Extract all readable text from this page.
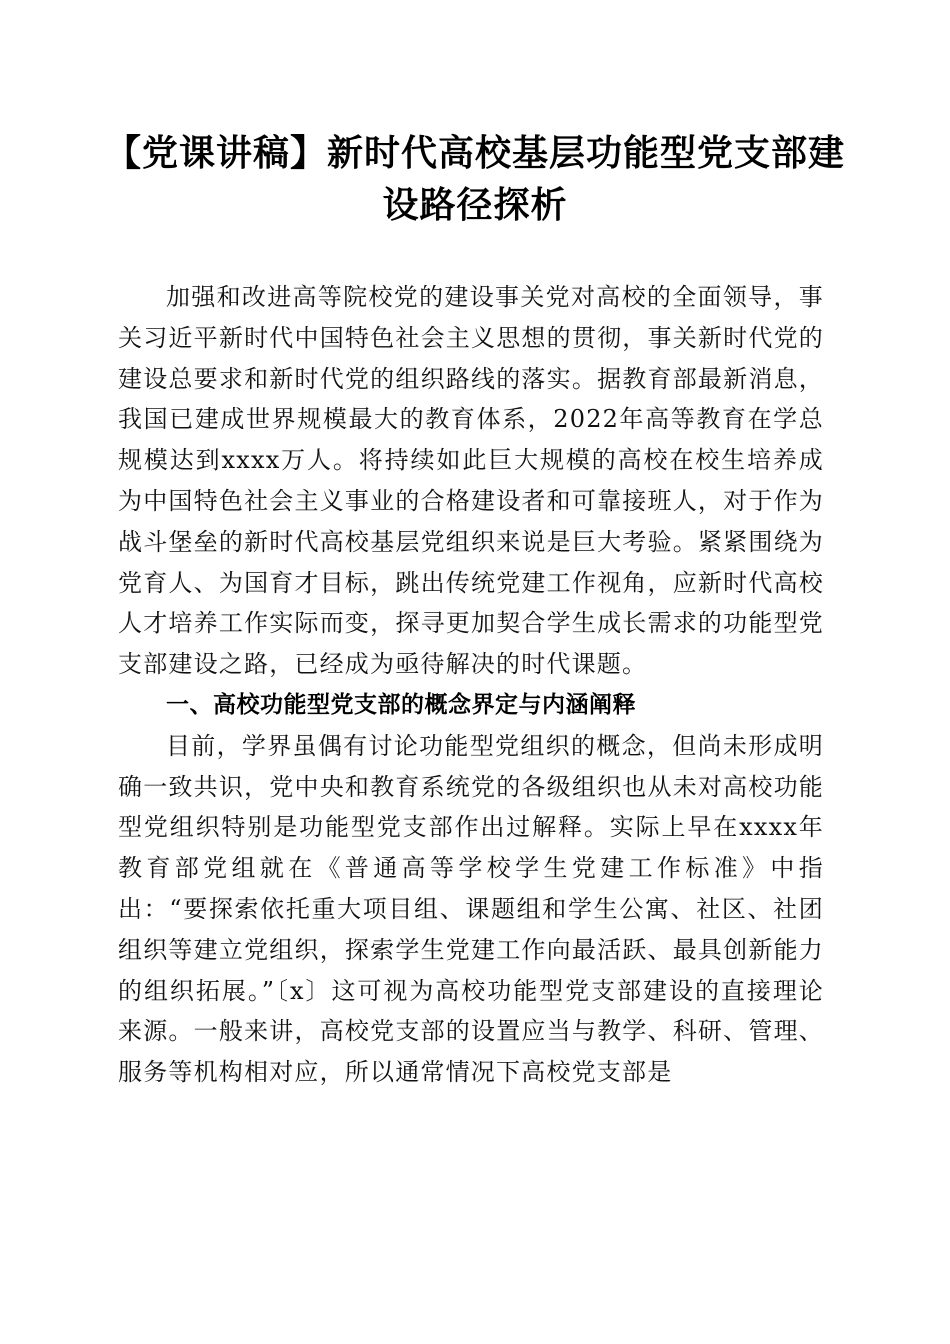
【党课讲稿】新时代高校基层功能型党支部建设路径探析

加强和改进高等院校党的建设事关党对高校的全面领导，事关习近平新时代中国特色社会主义思想的贯彻，事关新时代党的建设总要求和新时代党的组织路线的落实。据教育部最新消息，我国已建成世界规模最大的教育体系，2022年高等教育在学总规模达到xxxx万人。将持续如此巨大规模的高校在校生培养成为中国特色社会主义事业的合格建设者和可靠接班人，对于作为战斗堡垒的新时代高校基层党组织来说是巨大考验。紧紧围绕为党育人、为国育才目标，跳出传统党建工作视角，应新时代高校人才培养工作实际而变，探寻更加契合学生成长需求的功能型党支部建设之路，已经成为亟待解决的时代课题。

一、高校功能型党支部的概念界定与内涵阐释

目前，学界虽偶有讨论功能型党组织的概念，但尚未形成明确一致共识，党中央和教育系统党的各级组织也从未对高校功能型党组织特别是功能型党支部作出过解释。实际上早在xxxx年教育部党组就在《普通高等学校学生党建工作标准》中指出：“要探索依托重大项目组、课题组和学生公寓、社区、社团组织等建立党组织，探索学生党建工作向最活跃、最具创新能力的组织拓展。”〔x〕这可视为高校功能型党支部建设的直接理论来源。一般来讲，高校党支部的设置应当与教学、科研、管理、服务等机构相对应，所以通常情况下高校党支部是
